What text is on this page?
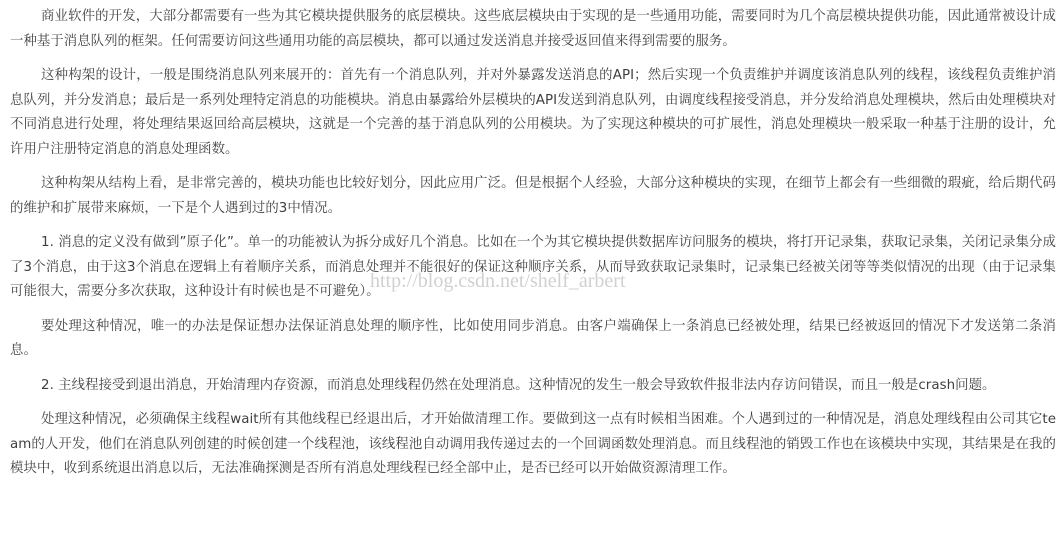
商业软件的开发，大部分都需要有一些为其它模块提供服务的底层模块。这些底层模块由于实现的是一些通用功能，需要同时为几个高层模块提供功能，因此通常被设计成一种基于消息队列的框架。任何需要访问这些通用功能的高层模块，都可以通过发送消息并接受返回值来得到需要的服务。

这种构架的设计，一般是围绕消息队列来展开的：首先有一个消息队列，并对外暴露发送消息的API；然后实现一个负责维护并调度该消息队列的线程，该线程负责维护消息队列，并分发消息；最后是一系列处理特定消息的功能模块。消息由暴露给外层模块的API发送到消息队列，由调度线程接受消息，并分发给消息处理模块，然后由处理模块对不同消息进行处理，将处理结果返回给高层模块，这就是一个完善的基于消息队列的公用模块。为了实现这种模块的可扩展性，消息处理模块一般采取一种基于注册的设计，允许用户注册特定消息的消息处理函数。

这种构架从结构上看，是非常完善的，模块功能也比较好划分，因此应用广泛。但是根据个人经验，大部分这种模块的实现，在细节上都会有一些细微的瑕疵，给后期代码的维护和扩展带来麻烦，一下是个人遇到过的3中情况。

1. 消息的定义没有做到”原子化”。单一的功能被认为拆分成好几个消息。比如在一个为其它模块提供数据库访问服务的模块，将打开记录集，获取记录集，关闭记录集分成了3个消息，由于这3个消息在逻辑上有着顺序关系，而消息处理并不能很好的保证这种顺序关系，从而导致获取记录集时，记录集已经被关闭等等类似情况的出现（由于记录集可能很大，需要分多次获取，这种设计有时候也是不可避免）。

要处理这种情况，唯一的办法是保证想办法保证消息处理的顺序性，比如使用同步消息。由客户端确保上一条消息已经被处理，结果已经被返回的情况下才发送第二条消息。

2. 主线程接受到退出消息，开始清理内存资源，而消息处理线程仍然在处理消息。这种情况的发生一般会导致软件报非法内存访问错误，而且一般是crash问题。

处理这种情况，必须确保主线程wait所有其他线程已经退出后，才开始做清理工作。要做到这一点有时候相当困难。个人遇到过的一种情况是，消息处理线程由公司其它team的人开发，他们在消息队列创建的时候创建一个线程池，该线程池自动调用我传递过去的一个回调函数处理消息。而且线程池的销毁工作也在该模块中实现，其结果是在我的模块中，收到系统退出消息以后，无法准确探测是否所有消息处理线程已经全部中止，是否已经可以开始做资源清理工作。

http://blog.csdn.net/shelf_arbert
